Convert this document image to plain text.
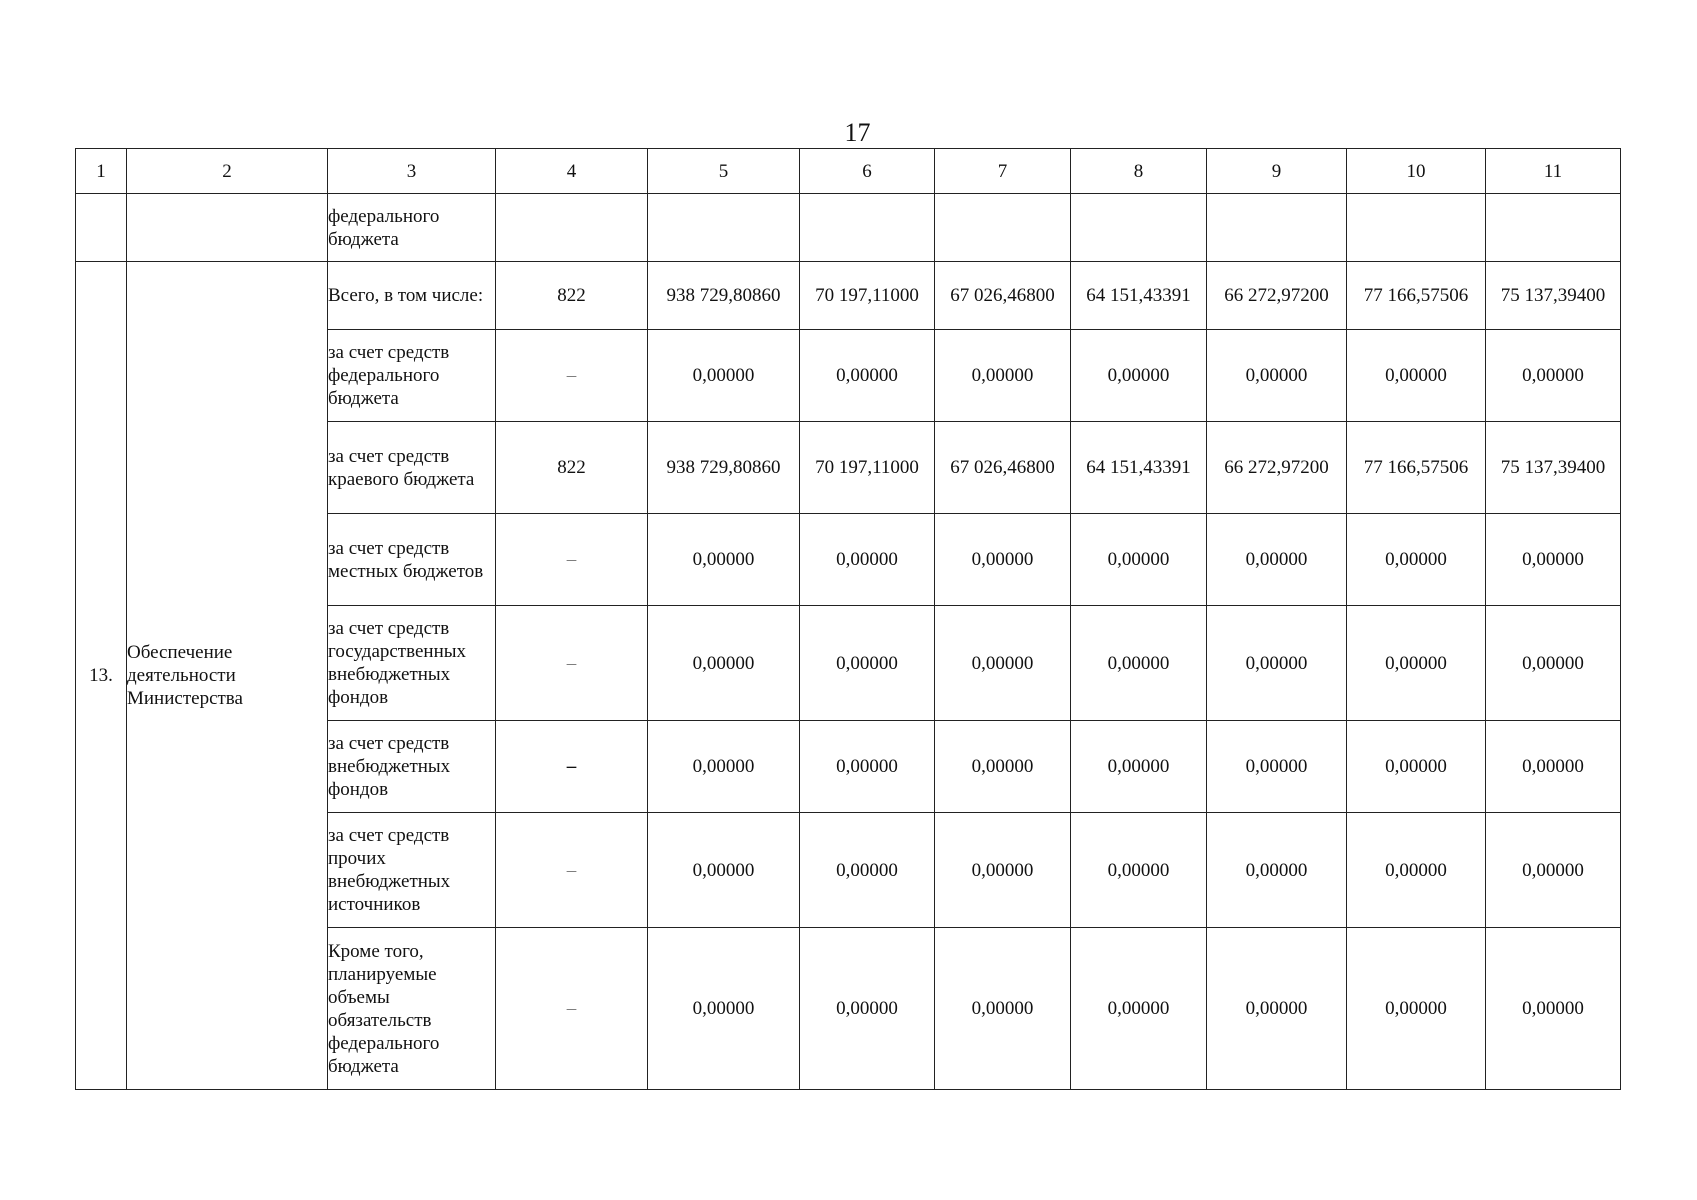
17
1	2	3	4	5	6	7	8	9	10	11
		федерального бюджета								
13.	Обеспечение деятельности Министерства	Всего, в том числе:	822	938 729,80860	70 197,11000	67 026,46800	64 151,43391	66 272,97200	77 166,57506	75 137,39400
		за счет средств федерального бюджета	–	0,00000	0,00000	0,00000	0,00000	0,00000	0,00000	0,00000
		за счет средств краевого бюджета	822	938 729,80860	70 197,11000	67 026,46800	64 151,43391	66 272,97200	77 166,57506	75 137,39400
		за счет средств местных бюджетов	–	0,00000	0,00000	0,00000	0,00000	0,00000	0,00000	0,00000
		за счет средств государственных внебюджетных фондов	–	0,00000	0,00000	0,00000	0,00000	0,00000	0,00000	0,00000
		за счет средств внебюджетных фондов	–	0,00000	0,00000	0,00000	0,00000	0,00000	0,00000	0,00000
		за счет средств прочих внебюджетных источников	–	0,00000	0,00000	0,00000	0,00000	0,00000	0,00000	0,00000
		Кроме того, планируемые объемы обязательств федерального бюджета	–	0,00000	0,00000	0,00000	0,00000	0,00000	0,00000	0,00000
